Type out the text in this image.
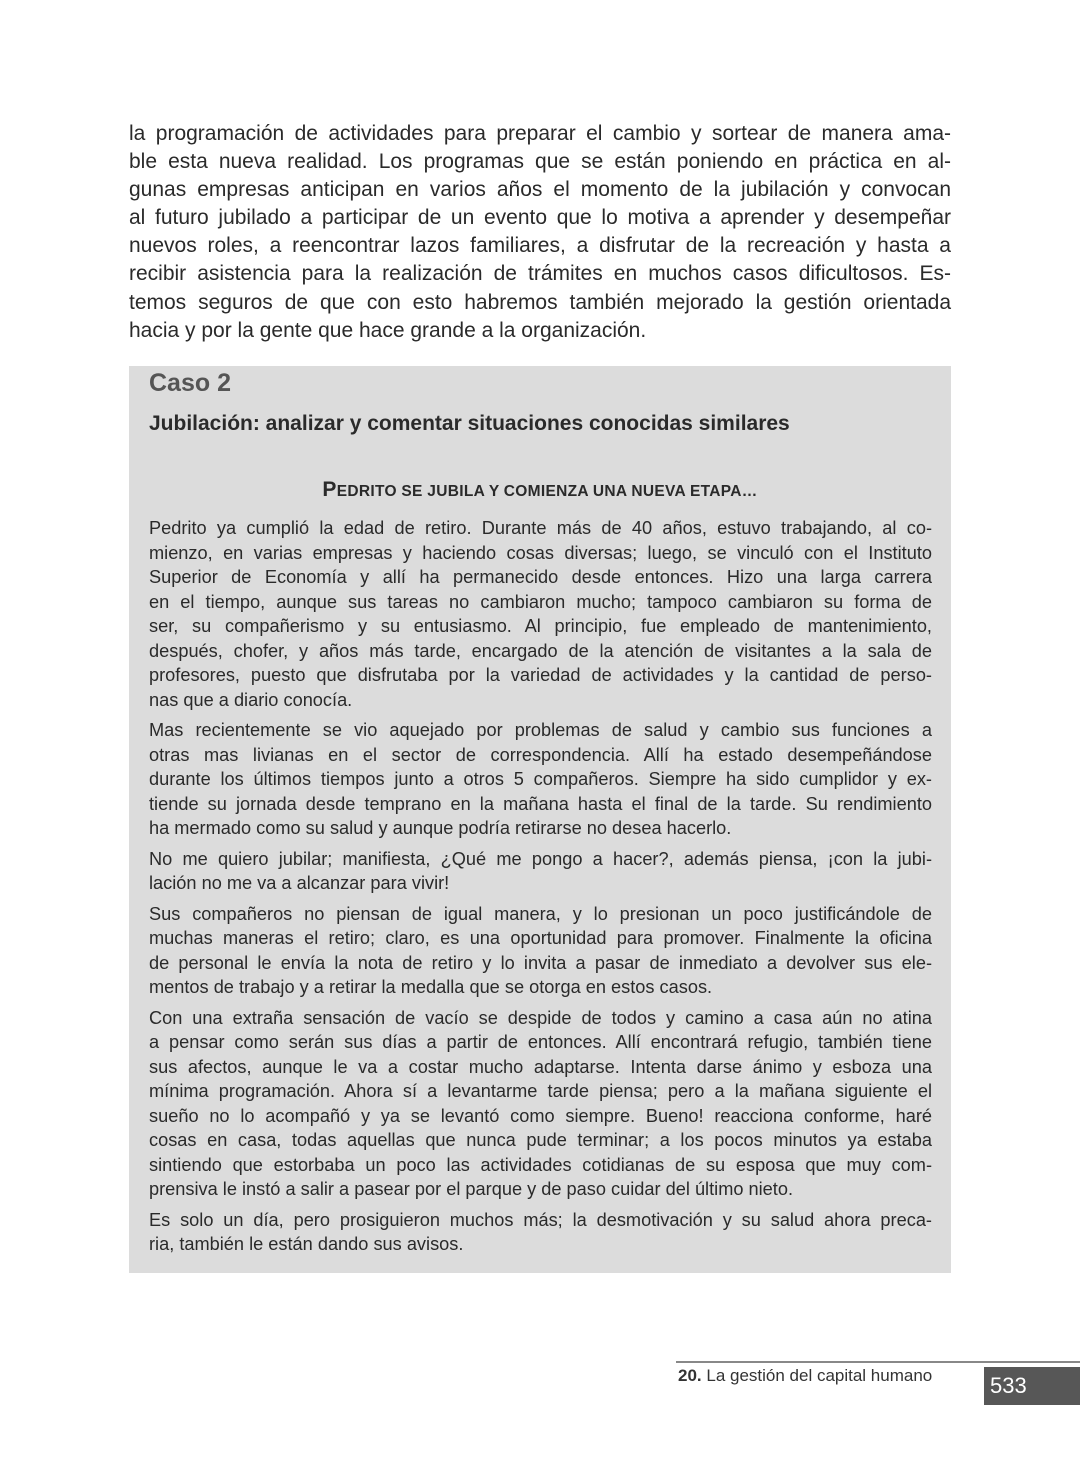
la programación de actividades para preparar el cambio y sortear de manera ama-
ble esta nueva realidad. Los programas que se están poniendo en práctica en al-
gunas empresas anticipan en varios años el momento de la jubilación y convocan
al futuro jubilado a participar de un evento que lo motiva a aprender y desempeñar
nuevos roles, a reencontrar lazos familiares, a disfrutar de la recreación y hasta a
recibir asistencia para la realización de trámites en muchos casos dificultosos. Es-
temos seguros de que con esto habremos también mejorado la gestión orientada
hacia y por la gente que hace grande a la organización.
Caso 2
Jubilación: analizar y comentar situaciones conocidas similares
PEDRITO SE JUBILA Y COMIENZA UNA NUEVA ETAPA…
Pedrito ya cumplió la edad de retiro. Durante más de 40 años, estuvo trabajando, al co-
mienzo, en varias empresas y haciendo cosas diversas; luego, se vinculó con el Instituto
Superior de Economía y allí ha permanecido desde entonces. Hizo una larga carrera
en el tiempo, aunque sus tareas no cambiaron mucho; tampoco cambiaron su forma de
ser, su compañerismo y su entusiasmo. Al principio, fue empleado de mantenimiento,
después, chofer, y años más tarde, encargado de la atención de visitantes a la sala de
profesores, puesto que disfrutaba por la variedad de actividades y la cantidad de perso-
nas que a diario conocía.
Mas recientemente se vio aquejado por problemas de salud y cambio sus funciones a
otras mas livianas en el sector de correspondencia. Allí ha estado desempeñándose
durante los últimos tiempos junto a otros 5 compañeros. Siempre ha sido cumplidor y ex-
tiende su jornada desde temprano en la mañana hasta el final de la tarde. Su rendimiento
ha mermado como su salud y aunque podría retirarse no desea hacerlo.
No me quiero jubilar; manifiesta, ¿Qué me pongo a hacer?, además piensa, ¡con la jubi-
lación no me va a alcanzar para vivir!
Sus compañeros no piensan de igual manera, y lo presionan un poco justificándole de
muchas maneras el retiro; claro, es una oportunidad para promover. Finalmente la oficina
de personal le envía la nota de retiro y lo invita a pasar de inmediato a devolver sus ele-
mentos de trabajo y a retirar la medalla que se otorga en estos casos.
Con una extraña sensación de vacío se despide de todos y camino a casa aún no atina
a pensar como serán sus días a partir de entonces. Allí encontrará refugio, también tiene
sus afectos, aunque le va a costar mucho adaptarse. Intenta darse ánimo y esboza una
mínima programación. Ahora sí a levantarme tarde piensa; pero a la mañana siguiente el
sueño no lo acompañó y ya se levantó como siempre. Bueno! reacciona conforme, haré
cosas en casa, todas aquellas que nunca pude terminar; a los pocos minutos ya estaba
sintiendo que estorbaba un poco las actividades cotidianas de su esposa que muy com-
prensiva le instó a salir a pasear por el parque y de paso cuidar del último nieto.
Es solo un día, pero prosiguieron muchos más; la desmotivación y su salud ahora preca-
ria, también le están dando sus avisos.
20. La gestión del capital humano	533
